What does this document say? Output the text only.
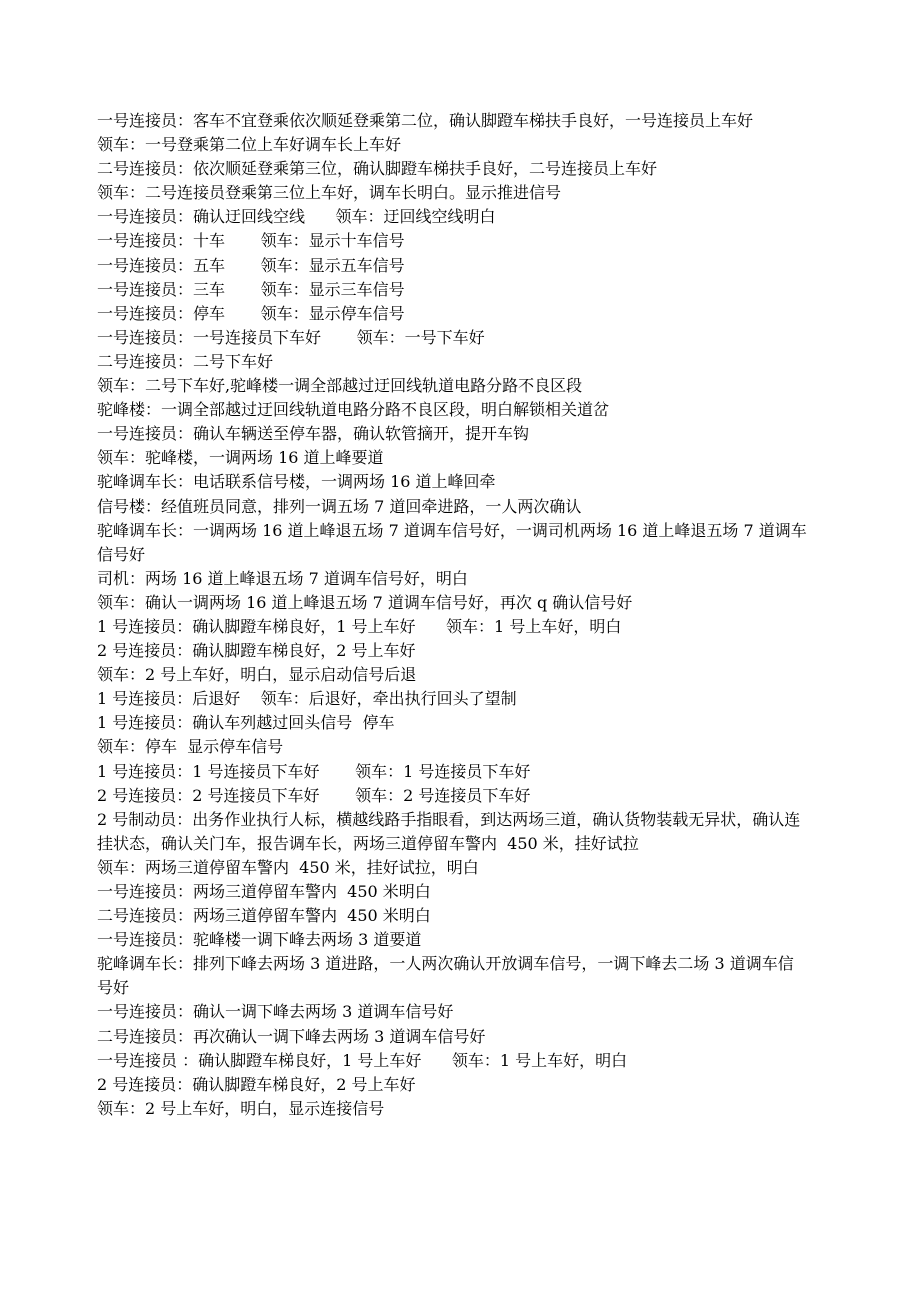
一号连接员：客车不宜登乘依次顺延登乘第二位，确认脚蹬车梯扶手良好，一号连接员上车好

领车：一号登乘第二位上车好调车长上车好

二号连接员：依次顺延登乘第三位，确认脚蹬车梯扶手良好，二号连接员上车好

领车：二号连接员登乘第三位上车好，调车长明白。显示推进信号

一号连接员：确认迂回线空线      领车：迂回线空线明白

一号连接员：十车       领车：显示十车信号

一号连接员：五车       领车：显示五车信号

一号连接员：三车       领车：显示三车信号

一号连接员：停车       领车：显示停车信号

一号连接员：一号连接员下车好       领车：一号下车好

二号连接员：二号下车好

领车：二号下车好,驼峰楼一调全部越过迂回线轨道电路分路不良区段

驼峰楼：一调全部越过迂回线轨道电路分路不良区段，明白解锁相关道岔

一号连接员：确认车辆送至停车器，确认软管摘开，提开车钩

领车：驼峰楼，一调两场 16 道上峰要道

驼峰调车长：电话联系信号楼，一调两场 16 道上峰回牵

信号楼：经值班员同意，排列一调五场 7 道回牵进路，一人两次确认

驼峰调车长：一调两场 16 道上峰退五场 7 道调车信号好，一调司机两场 16 道上峰退五场 7 道调车信号好

司机：两场 16 道上峰退五场 7 道调车信号好，明白

领车：确认一调两场 16 道上峰退五场 7 道调车信号好，再次 q 确认信号好

1 号连接员：确认脚蹬车梯良好，1 号上车好      领车：1 号上车好，明白

2 号连接员：确认脚蹬车梯良好，2 号上车好

领车：2 号上车好，明白，显示启动信号后退

1 号连接员：后退好    领车：后退好，牵出执行回头了望制

1 号连接员：确认车列越过回头信号  停车

领车：停车  显示停车信号

1 号连接员：1 号连接员下车好       领车：1 号连接员下车好

2 号连接员：2 号连接员下车好       领车：2 号连接员下车好

2 号制动员：出务作业执行人标，横越线路手指眼看，到达两场三道，确认货物装载无异状，确认连挂状态，确认关门车，报告调车长，两场三道停留车警内  450 米，挂好试拉

领车：两场三道停留车警内  450 米，挂好试拉，明白

一号连接员：两场三道停留车警内  450 米明白

二号连接员：两场三道停留车警内  450 米明白

一号连接员：驼峰楼一调下峰去两场 3 道要道

驼峰调车长：排列下峰去两场 3 道进路，一人两次确认开放调车信号，一调下峰去二场 3 道调车信号好

一号连接员：确认一调下峰去两场 3 道调车信号好

二号连接员：再次确认一调下峰去两场 3 道调车信号好

一号连接员 ：确认脚蹬车梯良好，1 号上车好      领车：1 号上车好，明白

2 号连接员：确认脚蹬车梯良好，2 号上车好

领车：2 号上车好，明白，显示连接信号
